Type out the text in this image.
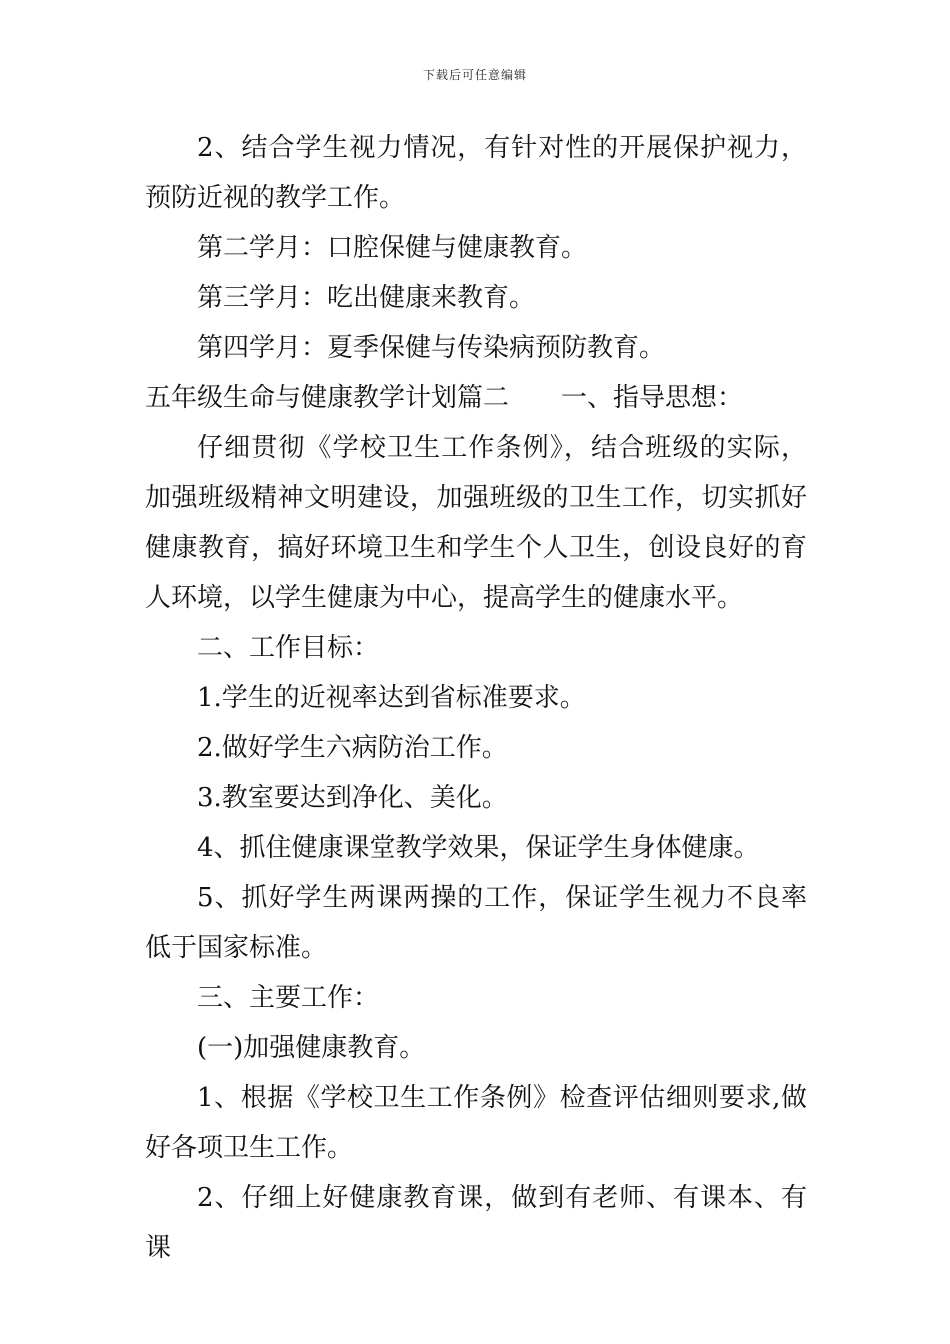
下载后可任意编辑

2、结合学生视力情况，有针对性的开展保护视力，预防近视的教学工作。

第二学月：口腔保健与健康教育。

第三学月：吃出健康来教育。

第四学月：夏季保健与传染病预防教育。

五年级生命与健康教学计划篇二 一、指导思想：

仔细贯彻《学校卫生工作条例》，结合班级的实际，加强班级精神文明建设，加强班级的卫生工作，切实抓好健康教育，搞好环境卫生和学生个人卫生，创设良好的育人环境，以学生健康为中心，提高学生的健康水平。

二、工作目标：

1.学生的近视率达到省标准要求。

2.做好学生六病防治工作。

3.教室要达到净化、美化。

4、抓住健康课堂教学效果，保证学生身体健康。

5、抓好学生两课两操的工作，保证学生视力不良率低于国家标准。

三、主要工作：

(一)加强健康教育。

1、根据《学校卫生工作条例》检查评估细则要求,做好各项卫生工作。

2、仔细上好健康教育课，做到有老师、有课本、有课
